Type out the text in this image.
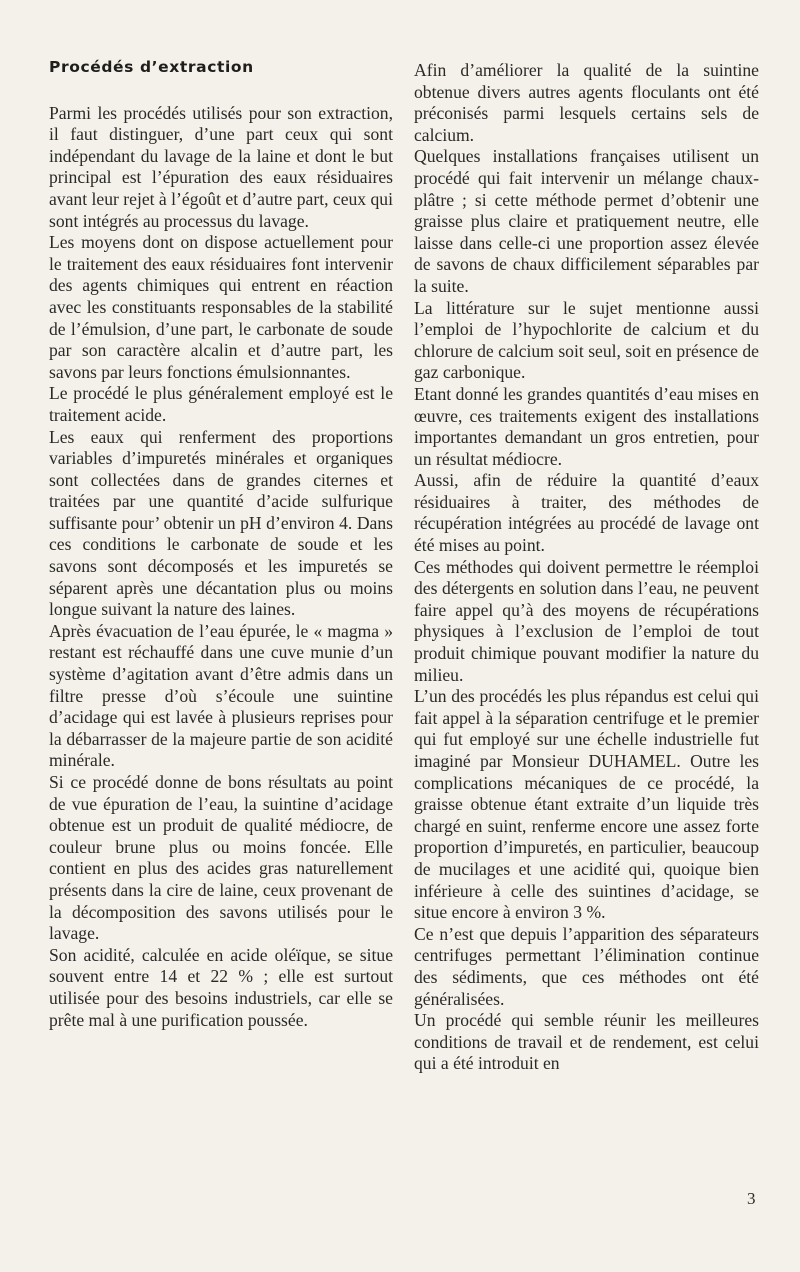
Procédés d’extraction

Parmi les procédés utilisés pour son extraction, il faut distinguer, d’une part ceux qui sont indépendant du lavage de la laine et dont le but principal est l’épuration des eaux résiduaires avant leur rejet à l’égoût et d’autre part, ceux qui sont intégrés au processus du lavage.

Les moyens dont on dispose actuellement pour le traitement des eaux résiduaires font intervenir des agents chimiques qui entrent en réaction avec les constituants responsables de la stabilité de l’émulsion, d’une part, le carbonate de soude par son caractère alcalin et d’autre part, les savons par leurs fonctions émulsionnantes.

Le procédé le plus généralement employé est le traitement acide.

Les eaux qui renferment des proportions variables d’impuretés minérales et organiques sont collectées dans de grandes citernes et traitées par une quantité d’acide sulfurique suffisante pour’ obtenir un pH d’environ 4. Dans ces conditions le carbonate de soude et les savons sont décomposés et les impuretés se séparent après une décantation plus ou moins longue suivant la nature des laines.

Après évacuation de l’eau épurée, le « magma » restant est réchauffé dans une cuve munie d’un système d’agitation avant d’être admis dans un filtre presse d’où s’écoule une suintine d’acidage qui est lavée à plusieurs reprises pour la débarrasser de la majeure partie de son acidité minérale.

Si ce procédé donne de bons résultats au point de vue épuration de l’eau, la suintine d’acidage obtenue est un produit de qualité médiocre, de couleur brune plus ou moins foncée. Elle contient en plus des acides gras naturellement présents dans la cire de laine, ceux provenant de la décomposition des savons utilisés pour le lavage.

Son acidité, calculée en acide oléïque, se situe souvent entre 14 et 22 % ; elle est surtout utilisée pour des besoins industriels, car elle se prête mal à une purification poussée.

Afin d’améliorer la qualité de la suintine obtenue divers autres agents floculants ont été préconisés parmi lesquels certains sels de calcium.

Quelques installations françaises utilisent un procédé qui fait intervenir un mélange chaux-plâtre ; si cette méthode permet d’obtenir une graisse plus claire et pratiquement neutre, elle laisse dans celle-ci une proportion assez élevée de savons de chaux difficilement séparables par la suite.

La littérature sur le sujet mentionne aussi l’emploi de l’hypochlorite de calcium et du chlorure de calcium soit seul, soit en présence de gaz carbonique.

Etant donné les grandes quantités d’eau mises en œuvre, ces traitements exigent des installations importantes demandant un gros entretien, pour un résultat médiocre.

Aussi, afin de réduire la quantité d’eaux résiduaires à traiter, des méthodes de récupération intégrées au procédé de lavage ont été mises au point.

Ces méthodes qui doivent permettre le réemploi des détergents en solution dans l’eau, ne peuvent faire appel qu’à des moyens de récupérations physiques à l’exclusion de l’emploi de tout produit chimique pouvant modifier la nature du milieu.

L’un des procédés les plus répandus est celui qui fait appel à la séparation centrifuge et le premier qui fut employé sur une échelle industrielle fut imaginé par Monsieur DUHAMEL. Outre les complications mécaniques de ce procédé, la graisse obtenue étant extraite d’un liquide très chargé en suint, renferme encore une assez forte proportion d’impuretés, en particulier, beaucoup de mucilages et une acidité qui, quoique bien inférieure à celle des suintines d’acidage, se situe encore à environ 3 %.

Ce n’est que depuis l’apparition des séparateurs centrifuges permettant l’élimination continue des sédiments, que ces méthodes ont été généralisées.

Un procédé qui semble réunir les meilleures conditions de travail et de rendement, est celui qui a été introduit en

3
